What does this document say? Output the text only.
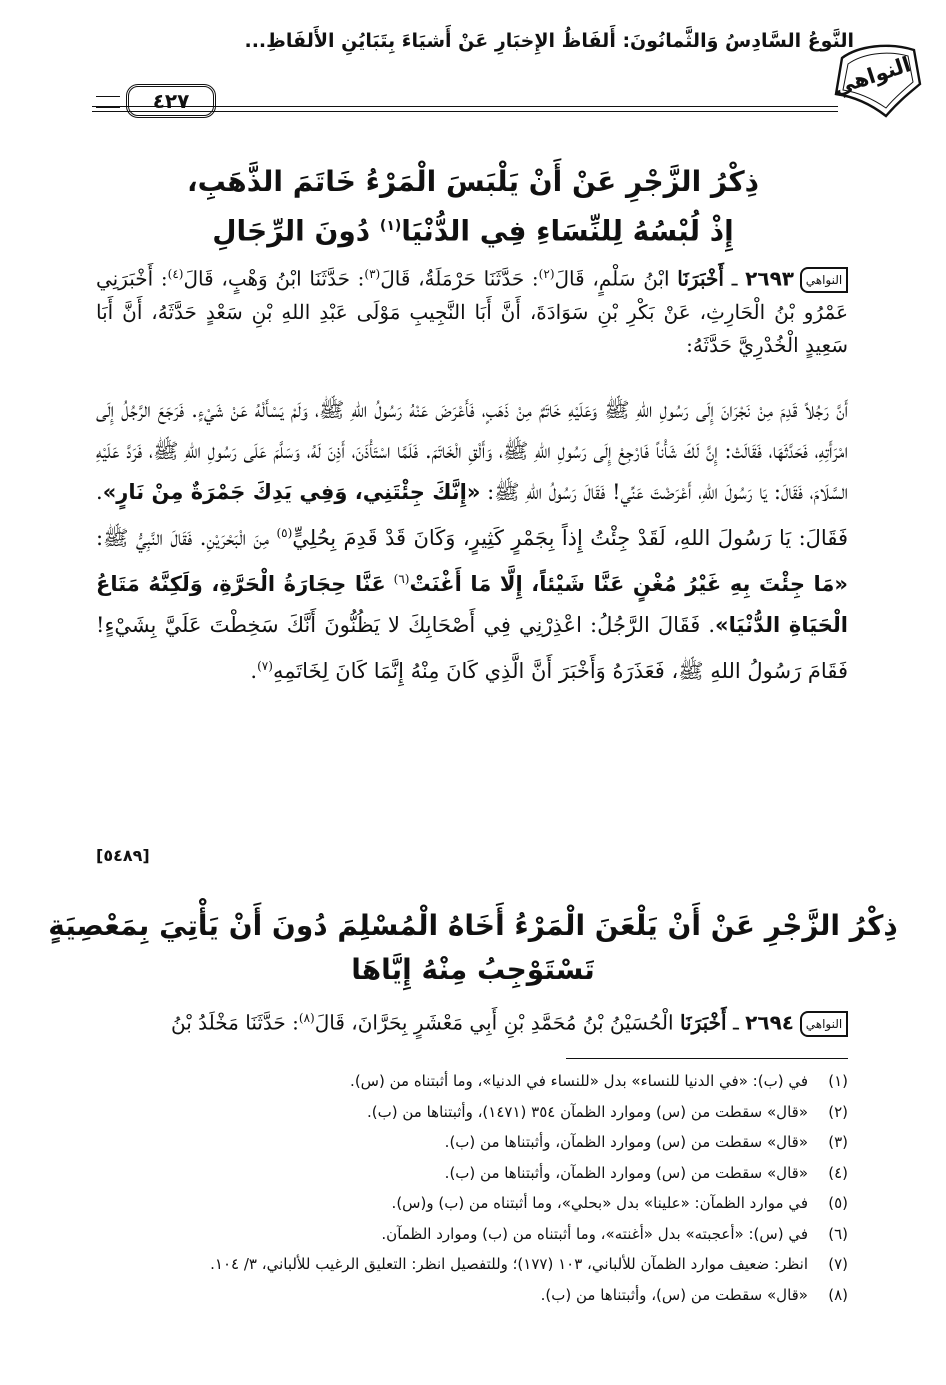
النَّوعُ السَّادِسُ وَالثَّمانُونَ: أَلفَاظُ الإِخبَارِ عَنْ أَشيَاءَ بِتَبَايُنِ الأَلفَاظِ...
٤٢٧
النواهي
ذِكْرُ الزَّجْرِ عَنْ أَنْ يَلْبَسَ الْمَرْءُ خَاتَمَ الذَّهَبِ،
إِذْ لُبْسُهُ لِلنِّسَاءِ فِي الدُّنْيَا$^{(١)}$ دُونَ الرِّجَالِ
النواهي٢٦٩٣ ـ أَخْبَرَنَا ابْنُ سَلْمٍ، قَالَ$^{(٢)}$: حَدَّثَنَا حَرْمَلَةُ، قَالَ$^{(٣)}$: حَدَّثَنَا ابْنُ وَهْبٍ، قَالَ$^{(٤)}$: أَخْبَرَنِي عَمْرُو بْنُ الْحَارِثِ، عَنْ بَكْرِ بْنِ سَوَادَةَ، أَنَّ أَبَا النَّجِيبِ مَوْلَى عَبْدِ اللهِ بْنِ سَعْدٍ حَدَّثَهُ، أَنَّ أَبَا سَعِيدٍ الْخُدْرِيَّ حَدَّثَهُ:
أَنَّ رَجُلاً قَدِمَ مِنْ نَجْرَانَ إِلَى رَسُولِ اللهِ ﷺ وَعَلَيْهِ خَاتَمٌ مِنْ ذَهَبٍ، فَأَعْرَضَ عَنْهُ رَسُولُ اللهِ ﷺ، وَلَمْ يَسْأَلْهُ عَنْ شَيْءٍ. فَرَجَعَ الرَّجُلُ إِلَى امْرَأَتِهِ، فَحَدَّثَهَا، فَقَالَتْ: إِنَّ لَكَ شَأْناً فَارْجِعْ إِلَى رَسُولِ اللهِ ﷺ، وَأَلْقِ الْخَاتَمَ. فَلَمَّا اسْتَأْذَنَ، أَذِنَ لَهُ، وَسَلَّمَ عَلَى رَسُولِ اللهِ ﷺ، فَرَدَّ عَلَيْهِ السَّلَامَ، فَقَالَ: يَا رَسُولَ اللهِ، أَعْرَضْتَ عَنِّي! فَقَالَ رَسُولُ اللهِ ﷺ: «إِنَّكَ جِئْتَنِي، وَفِي يَدِكَ جَمْرَةٌ مِنْ نَارٍ». فَقَالَ: يَا رَسُولَ اللهِ، لَقَدْ جِئْتُ إِذاً بِجَمْرٍ كَثِيرٍ، وَكَانَ قَدْ قَدِمَ بِحُلِيٍّ$^{(٥)}$ مِنَ الْبَحْرَيْنِ. فَقَالَ النَّبِيُّ ﷺ: «مَا جِئْتَ بِهِ غَيْرُ مُغْنٍ عَنَّا شَيْئاً، إِلَّا مَا أَغْنَتْ$^{(٦)}$ عَنَّا حِجَارَةُ الْحَرَّةِ، وَلَكِنَّهُ مَتَاعُ الْحَيَاةِ الدُّنْيَا». فَقَالَ الرَّجُلُ: اعْذِرْنِي فِي أَصْحَابِكَ لا يَظُنُّونَ أَنَّكَ سَخِطْتَ عَلَيَّ بِشَيْءٍ! فَقَامَ رَسُولُ اللهِ ﷺ، فَعَذَرَهُ وَأَخْبَرَ أَنَّ الَّذِي كَانَ مِنْهُ إِنَّمَا كَانَ لِخَاتَمِهِ$^{(٧)}$.
[٥٤٨٩]
ذِكْرُ الزَّجْرِ عَنْ أَنْ يَلْعَنَ الْمَرْءُ أَخَاهُ الْمُسْلِمَ دُونَ أَنْ يَأْتِيَ بِمَعْصِيَةٍ
تَسْتَوْجِبُ مِنْهُ إِيَّاهَا
النواهي٢٦٩٤ ـ أَخْبَرَنَا الْحُسَيْنُ بْنُ مُحَمَّدِ بْنِ أَبِي مَعْشَرٍ بِحَرَّانَ، قَالَ$^{(٨)}$: حَدَّثَنَا مَخْلَدُ بْنُ
(١)في (ب): «في الدنيا للنساء» بدل «للنساء في الدنيا»، وما أثبتناه من (س).
(٢)«قال» سقطت من (س) وموارد الظمآن ٣٥٤ (١٤٧١)، وأثبتناها من (ب).
(٣)«قال» سقطت من (س) وموارد الظمآن، وأثبتناها من (ب).
(٤)«قال» سقطت من (س) وموارد الظمآن، وأثبتناها من (ب).
(٥)في موارد الظمآن: «علينا» بدل «بحلي»، وما أثبتناه من (ب) و(س).
(٦)في (س): «أعجبته» بدل «أغنته»، وما أثبتناه من (ب) وموارد الظمآن.
(٧)انظر: ضعيف موارد الظمآن للألباني، ١٠٣ (١٧٧)؛ وللتفصيل انظر: التعليق الرغيب للألباني، ٣/ ١٠٤.
(٨)«قال» سقطت من (س)، وأثبتناها من (ب).
